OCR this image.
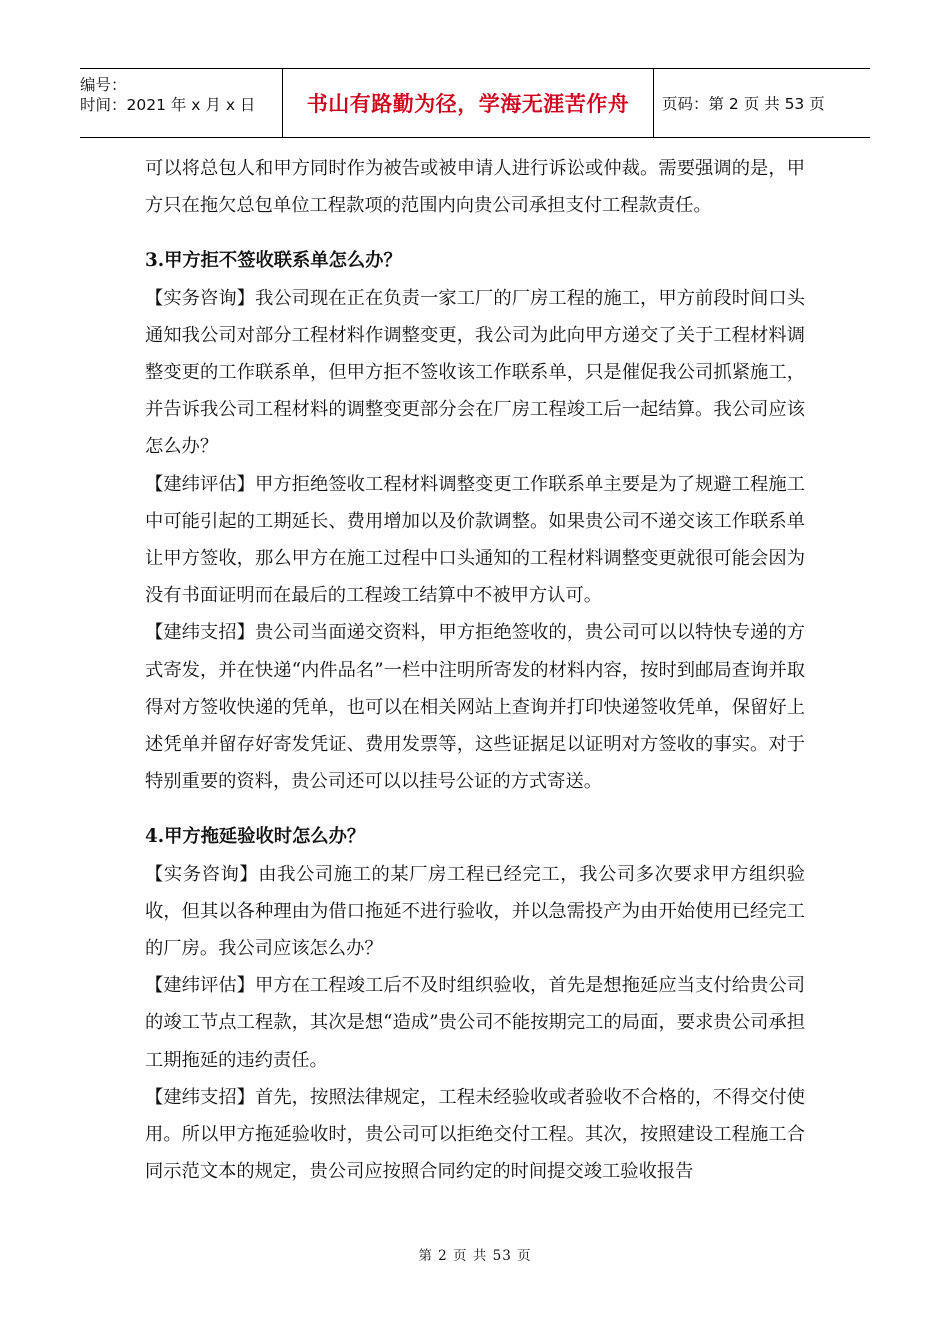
编号：
时间：2021 年 x 月 x 日	书山有路勤为径，学海无涯苦作舟	页码：第 2 页 共 53 页

可以将总包人和甲方同时作为被告或被申请人进行诉讼或仲裁。需要强调的是，甲方只在拖欠总包单位工程款项的范围内向贵公司承担支付工程款责任。

3.甲方拒不签收联系单怎么办？

【实务咨询】我公司现在正在负责一家工厂的厂房工程的施工，甲方前段时间口头通知我公司对部分工程材料作调整变更，我公司为此向甲方递交了关于工程材料调整变更的工作联系单，但甲方拒不签收该工作联系单，只是催促我公司抓紧施工，并告诉我公司工程材料的调整变更部分会在厂房工程竣工后一起结算。我公司应该怎么办？

【建纬评估】甲方拒绝签收工程材料调整变更工作联系单主要是为了规避工程施工中可能引起的工期延长、费用增加以及价款调整。如果贵公司不递交该工作联系单让甲方签收，那么甲方在施工过程中口头通知的工程材料调整变更就很可能会因为没有书面证明而在最后的工程竣工结算中不被甲方认可。

【建纬支招】贵公司当面递交资料，甲方拒绝签收的，贵公司可以以特快专递的方式寄发，并在快递“内件品名”一栏中注明所寄发的材料内容，按时到邮局查询并取得对方签收快递的凭单，也可以在相关网站上查询并打印快递签收凭单，保留好上述凭单并留存好寄发凭证、费用发票等，这些证据足以证明对方签收的事实。对于特别重要的资料，贵公司还可以以挂号公证的方式寄送。

4.甲方拖延验收时怎么办？

【实务咨询】由我公司施工的某厂房工程已经完工，我公司多次要求甲方组织验收，但其以各种理由为借口拖延不进行验收，并以急需投产为由开始使用已经完工的厂房。我公司应该怎么办？

【建纬评估】甲方在工程竣工后不及时组织验收，首先是想拖延应当支付给贵公司的竣工节点工程款，其次是想“造成”贵公司不能按期完工的局面，要求贵公司承担工期拖延的违约责任。

【建纬支招】首先，按照法律规定，工程未经验收或者验收不合格的，不得交付使用。所以甲方拖延验收时，贵公司可以拒绝交付工程。其次，按照建设工程施工合同示范文本的规定，贵公司应按照合同约定的时间提交竣工验收报告

第 2 页 共 53 页
